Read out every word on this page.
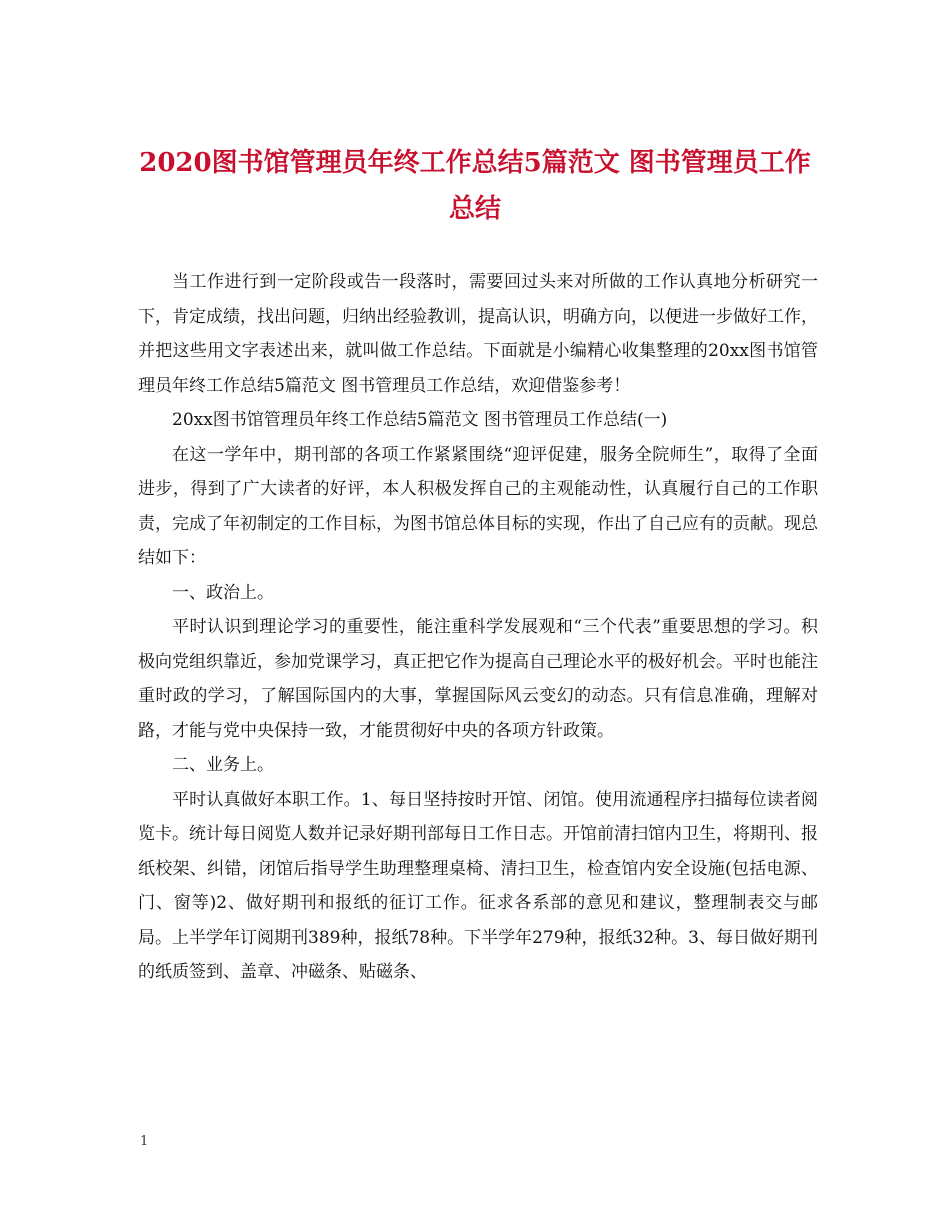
2020图书馆管理员年终工作总结5篇范文 图书管理员工作总结

当工作进行到一定阶段或告一段落时，需要回过头来对所做的工作认真地分析研究一下，肯定成绩，找出问题，归纳出经验教训，提高认识，明确方向，以便进一步做好工作，并把这些用文字表述出来，就叫做工作总结。下面就是小编精心收集整理的20xx图书馆管理员年终工作总结5篇范文 图书管理员工作总结，欢迎借鉴参考！

20xx图书馆管理员年终工作总结5篇范文 图书管理员工作总结(一)

在这一学年中，期刊部的各项工作紧紧围绕“迎评促建，服务全院师生”，取得了全面进步，得到了广大读者的好评，本人积极发挥自己的主观能动性，认真履行自己的工作职责，完成了年初制定的工作目标，为图书馆总体目标的实现，作出了自己应有的贡献。现总结如下：

一、政治上。

平时认识到理论学习的重要性，能注重科学发展观和“三个代表”重要思想的学习。积极向党组织靠近，参加党课学习，真正把它作为提高自己理论水平的极好机会。平时也能注重时政的学习，了解国际国内的大事，掌握国际风云变幻的动态。只有信息准确，理解对路，才能与党中央保持一致，才能贯彻好中央的各项方针政策。

二、业务上。

平时认真做好本职工作。1、每日坚持按时开馆、闭馆。使用流通程序扫描每位读者阅览卡。统计每日阅览人数并记录好期刊部每日工作日志。开馆前清扫馆内卫生，将期刊、报纸校架、纠错，闭馆后指导学生助理整理桌椅、清扫卫生，检查馆内安全设施(包括电源、门、窗等)2、做好期刊和报纸的征订工作。征求各系部的意见和建议，整理制表交与邮局。上半学年订阅期刊389种，报纸78种。下半学年279种，报纸32种。3、每日做好期刊的纸质签到、盖章、冲磁条、贴磁条、

1
